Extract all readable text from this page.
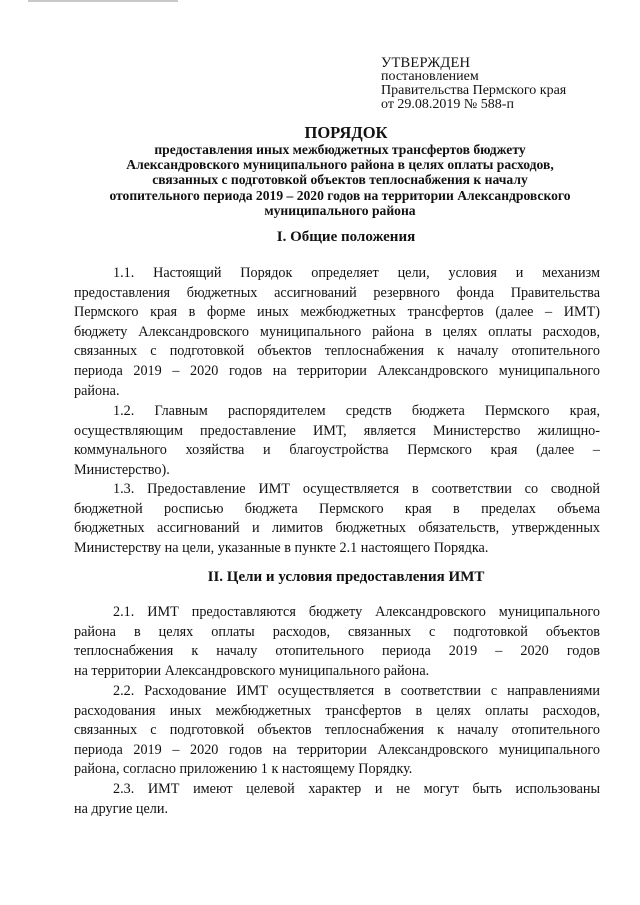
УТВЕРЖДЕН
постановлением
Правительства Пермского края
от 29.08.2019 № 588-п
ПОРЯДОК
предоставления иных межбюджетных трансфертов бюджету
Александровского муниципального района в целях оплаты расходов,
связанных с подготовкой объектов теплоснабжения к началу
отопительного периода 2019 – 2020 годов на территории Александровского
муниципального района
I. Общие положения
1.1. Настоящий Порядок определяет цели, условия и механизм
предоставления бюджетных ассигнований резервного фонда Правительства
Пермского края в форме иных межбюджетных трансфертов (далее – ИМТ)
бюджету Александровского муниципального района в целях оплаты расходов,
связанных с подготовкой объектов теплоснабжения к началу отопительного
периода 2019 – 2020 годов на территории Александровского муниципального
района.
1.2. Главным распорядителем средств бюджета Пермского края,
осуществляющим предоставление ИМТ, является Министерство жилищно-
коммунального хозяйства и благоустройства Пермского края (далее –
Министерство).
1.3. Предоставление ИМТ осуществляется в соответствии со сводной
бюджетной росписью бюджета Пермского края в пределах объема
бюджетных ассигнований и лимитов бюджетных обязательств, утвержденных
Министерству на цели, указанные в пункте 2.1 настоящего Порядка.
II. Цели и условия предоставления ИМТ
2.1. ИМТ предоставляются бюджету Александровского муниципального
района в целях оплаты расходов, связанных с подготовкой объектов
теплоснабжения к началу отопительного периода 2019 – 2020 годов
на территории Александровского муниципального района.
2.2. Расходование ИМТ осуществляется в соответствии с направлениями
расходования иных межбюджетных трансфертов в целях оплаты расходов,
связанных с подготовкой объектов теплоснабжения к началу отопительного
периода 2019 – 2020 годов на территории Александровского муниципального
района, согласно приложению 1 к настоящему Порядку.
2.3. ИМТ имеют целевой характер и не могут быть использованы
на другие цели.
